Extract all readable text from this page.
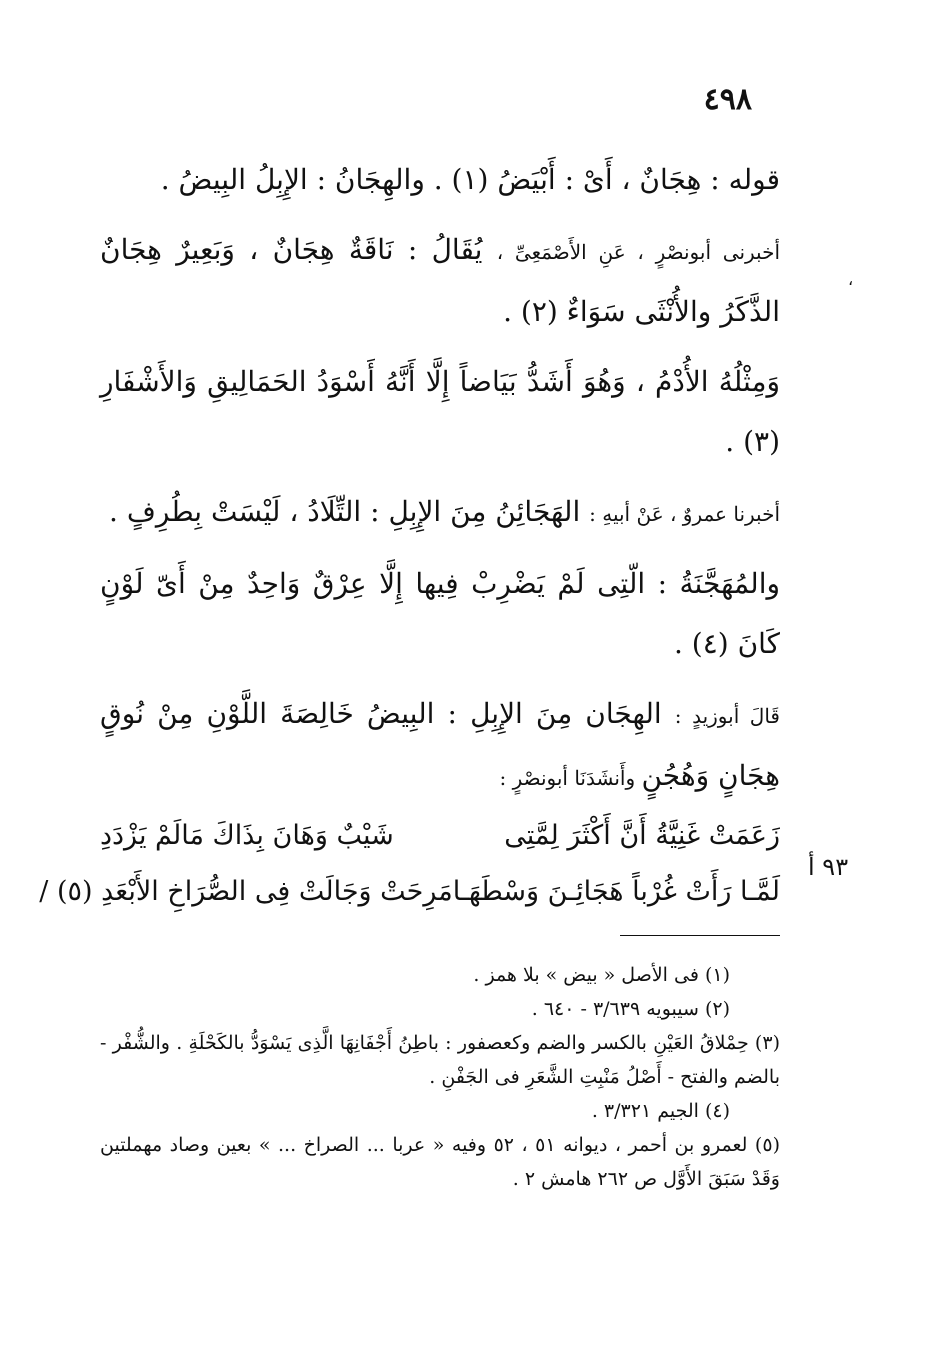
،
٤٩٨

قوله : هِجَانٌ ، أَىْ : أَبْيَضُ (١) . والهِجَانُ : الإِبِلُ البِيضُ .

أخبرنى أبونصْرٍ ، عَنِ الأَصْمَعِىِّ ، يُقَالُ : نَاقَةٌ هِجَانٌ ، وَبَعِيرٌ هِجَانٌ الذَّكَرُ والأُنْثَى سَوَاءٌ (٢) .

وَمِثْلُهُ الأُدْمُ ، وَهُوَ أَشَدُّ بَيَاضاً إِلَّا أَنَّهُ أَسْوَدُ الحَمَالِيقِ وَالأَشْفَارِ (٣) .

أخبرنا عمروٌ ، عَنْ أبيهِ : الهَجَائِنُ مِنَ الإِبِلِ : التِّلَادُ ، لَيْسَتْ بِطُرِفٍ .

والمُهَجَّنَةُ : الّتِى لَمْ يَضْرِبْ فِيها إِلَّا عِرْقٌ وَاحِدٌ مِنْ أَىّ لَوْنٍ كَانَ (٤) .

قَالَ أبوزيدٍ : الهِجَان مِنَ الإِبِلِ : البِيضُ خَالِصَةَ اللَّوْنِ مِنْ نُوقٍ هِجَانٍ وَهُجُنٍ وأَنشَدَنَا أبونصْرٍ :

زَعَمَتْ غَنِيَّةُ أَنَّ أَكْثَرَ لِمَّتِى
شَيْبٌ وَهَانَ بِذَاكَ مَالَمْ يَزْدَدِ
لَمَّـا رَأَتْ غُرْباً هَجَائِـنَ وَسْطَهَـا
مَرِحَتْ وَجَالَتْ فِى الصُّرَاخِ الأَبْعَدِ (٥) /

(١) فى الأصل « بيض » بلا همز .

(٢) سيبويه ٣/٦٣٩ - ٦٤٠ .

(٣) حِمْلاقُ العَيْنِ بالكسر والضم وكعصفور : باطِنُ أَجْفَانِهَا الَّذِى يَسْوَدُّ بالكَحْلَةِ . والشُّفْر - بالضم والفتح - أَصْلُ مَنْبِتِ الشَّعَرِ فى الجَفْنِ .

(٤) الجيم ٣/٣٢١ .

(٥) لعمرو بن أحمر ، ديوانه ٥١ ، ٥٢ وفيه « عربا ... الصراخ ... » بعين وصاد مهملتين وَقَدْ سَبَقَ الأَوَّل ص ٢٦٢ هامش ٢ .

٩٣ أ
